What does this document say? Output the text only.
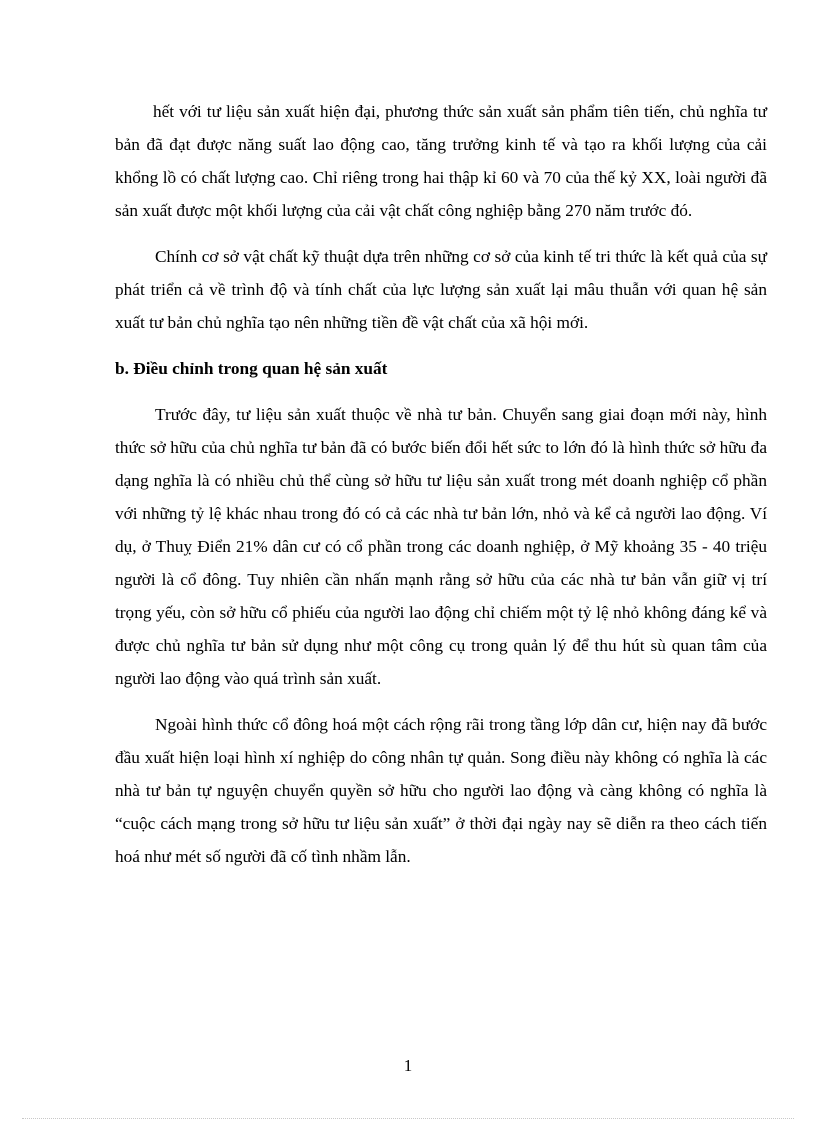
hết với tư liệu sản xuất hiện đại, phương thức sản xuất sản phẩm tiên tiến, chủ nghĩa tư bản đã đạt được năng suất lao động cao, tăng trưởng kinh tế và tạo ra khối lượng của cải khổng lồ có chất lượng cao. Chỉ riêng trong hai thập kỉ 60 và 70 của thế kỷ XX, loài người đã sản xuất được một khối lượng của cải vật chất công nghiệp bằng 270 năm trước đó.

Chính cơ sở vật chất kỹ thuật dựa trên những cơ sở của kinh tế tri thức là kết quả của sự phát triển cả về trình độ và tính chất của lực lượng sản xuất lại mâu thuẫn với quan hệ sản xuất tư bản chủ nghĩa tạo nên những tiền đề vật chất của xã hội mới.

b. Điều chỉnh trong quan hệ sản xuất

Trước đây, tư liệu sản xuất thuộc về nhà tư bản. Chuyển sang giai đoạn mới này, hình thức sở hữu của chủ nghĩa tư bản đã có bước biến đổi hết sức to lớn đó là hình thức sở hữu đa dạng nghĩa là có nhiều chủ thể cùng sở hữu tư liệu sản xuất trong mét doanh nghiệp cổ phần với những tỷ lệ khác nhau trong đó có cả các nhà tư bản lớn, nhỏ và kể cả người lao động. Ví dụ, ở Thuỵ Điển 21% dân cư có cổ phần trong các doanh nghiệp, ở Mỹ khoảng 35 - 40 triệu người là cổ đông. Tuy nhiên cần nhấn mạnh rằng sở hữu của các nhà tư bản vẫn giữ vị trí trọng yếu, còn sở hữu cổ phiếu của người lao động chỉ chiếm một tỷ lệ nhỏ không đáng kể và được chủ nghĩa tư bản sử dụng như một công cụ trong quản lý để thu hút sù quan tâm của người lao động vào quá trình sản xuất.

Ngoài hình thức cổ đông hoá một cách rộng rãi trong tầng lớp dân cư, hiện nay đã bước đầu xuất hiện loại hình xí nghiệp do công nhân tự quản. Song điều này không có nghĩa là các nhà tư bản tự nguyện chuyển quyền sở hữu cho người lao động và càng không có nghĩa là “cuộc cách mạng trong sở hữu tư liệu sản xuất” ở thời đại ngày nay sẽ diễn ra theo cách tiến hoá như mét số người đã cố tình nhầm lẫn.

1
